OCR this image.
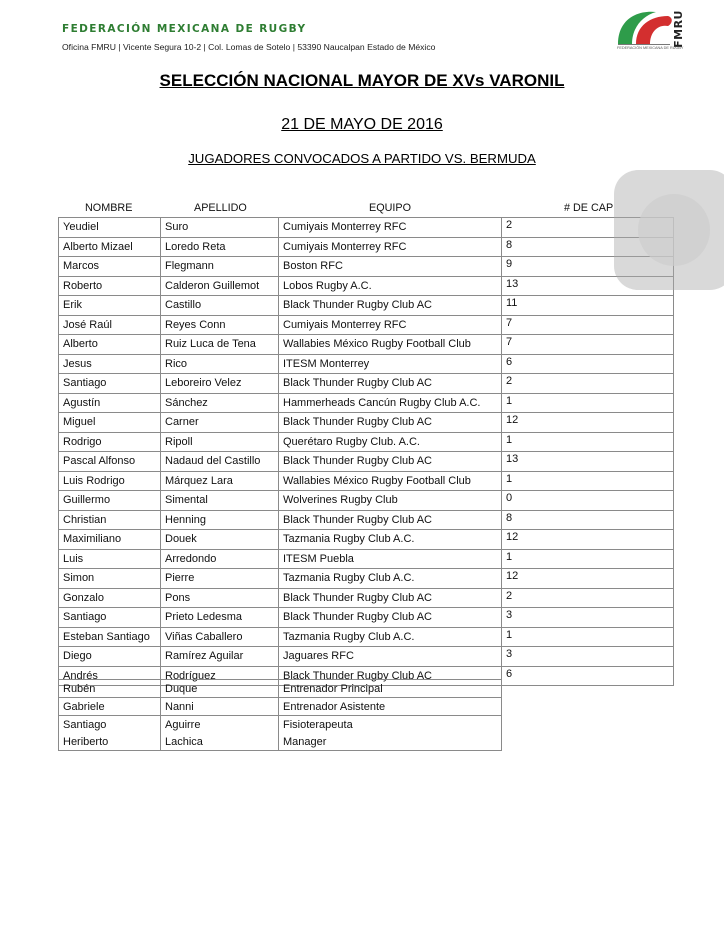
FEDERACIÓN MEXICANA DE RUGBY
Oficina FMRU | Vicente Segura 10-2 | Col. Lomas de Sotelo | 53390 Naucalpan Estado de México	FMRU
FEDERACIÓN MEXICANA DE RUGBY
SELECCIÓN NACIONAL MAYOR DE XVs VARONIL
21 DE MAYO DE 2016
JUGADORES CONVOCADOS A PARTIDO VS. BERMUDA
NOMBRE	APELLIDO	EQUIPO	# DE CAP
Yeudiel	Suro	Cumiyais Monterrey RFC	2
Alberto Mizael	Loredo Reta	Cumiyais Monterrey RFC	8
Marcos	Flegmann	Boston RFC	9
Roberto	Calderon Guillemot	Lobos Rugby A.C.	13
Erik	Castillo	Black Thunder Rugby Club AC	11
José Raúl	Reyes Conn	Cumiyais Monterrey RFC	7
Alberto	Ruiz Luca de Tena	Wallabies México Rugby Football Club	7
Jesus	Rico	ITESM Monterrey	6
Santiago	Leboreiro Velez	Black Thunder Rugby Club AC	2
Agustín	Sánchez	Hammerheads Cancún Rugby Club A.C.	1
Miguel	Carner	Black Thunder Rugby Club AC	12
Rodrigo	Ripoll	Querétaro Rugby Club. A.C.	1
Pascal Alfonso	Nadaud del Castillo	Black Thunder Rugby Club AC	13
Luis Rodrigo	Márquez Lara	Wallabies México Rugby Football Club	1
Guillermo	Simental	Wolverines Rugby Club	0
Christian	Henning	Black Thunder Rugby Club AC	8
Maximiliano	Douek	Tazmania Rugby Club A.C.	12
Luis	Arredondo	ITESM Puebla	1
Simon	Pierre	Tazmania Rugby Club A.C.	12
Gonzalo	Pons	Black Thunder Rugby Club AC	2
Santiago	Prieto Ledesma	Black Thunder Rugby Club AC	3
Esteban Santiago	Viñas Caballero	Tazmania Rugby Club A.C.	1
Diego	Ramírez Aguilar	Jaguares RFC	3
Andrés	Rodríguez	Black Thunder Rugby Club AC	6
Rubén	Duque	Entrenador Principal
Gabriele	Nanni	Entrenador Asistente
Santiago	Aguirre	Fisioterapeuta
Heriberto	Lachica	Manager
